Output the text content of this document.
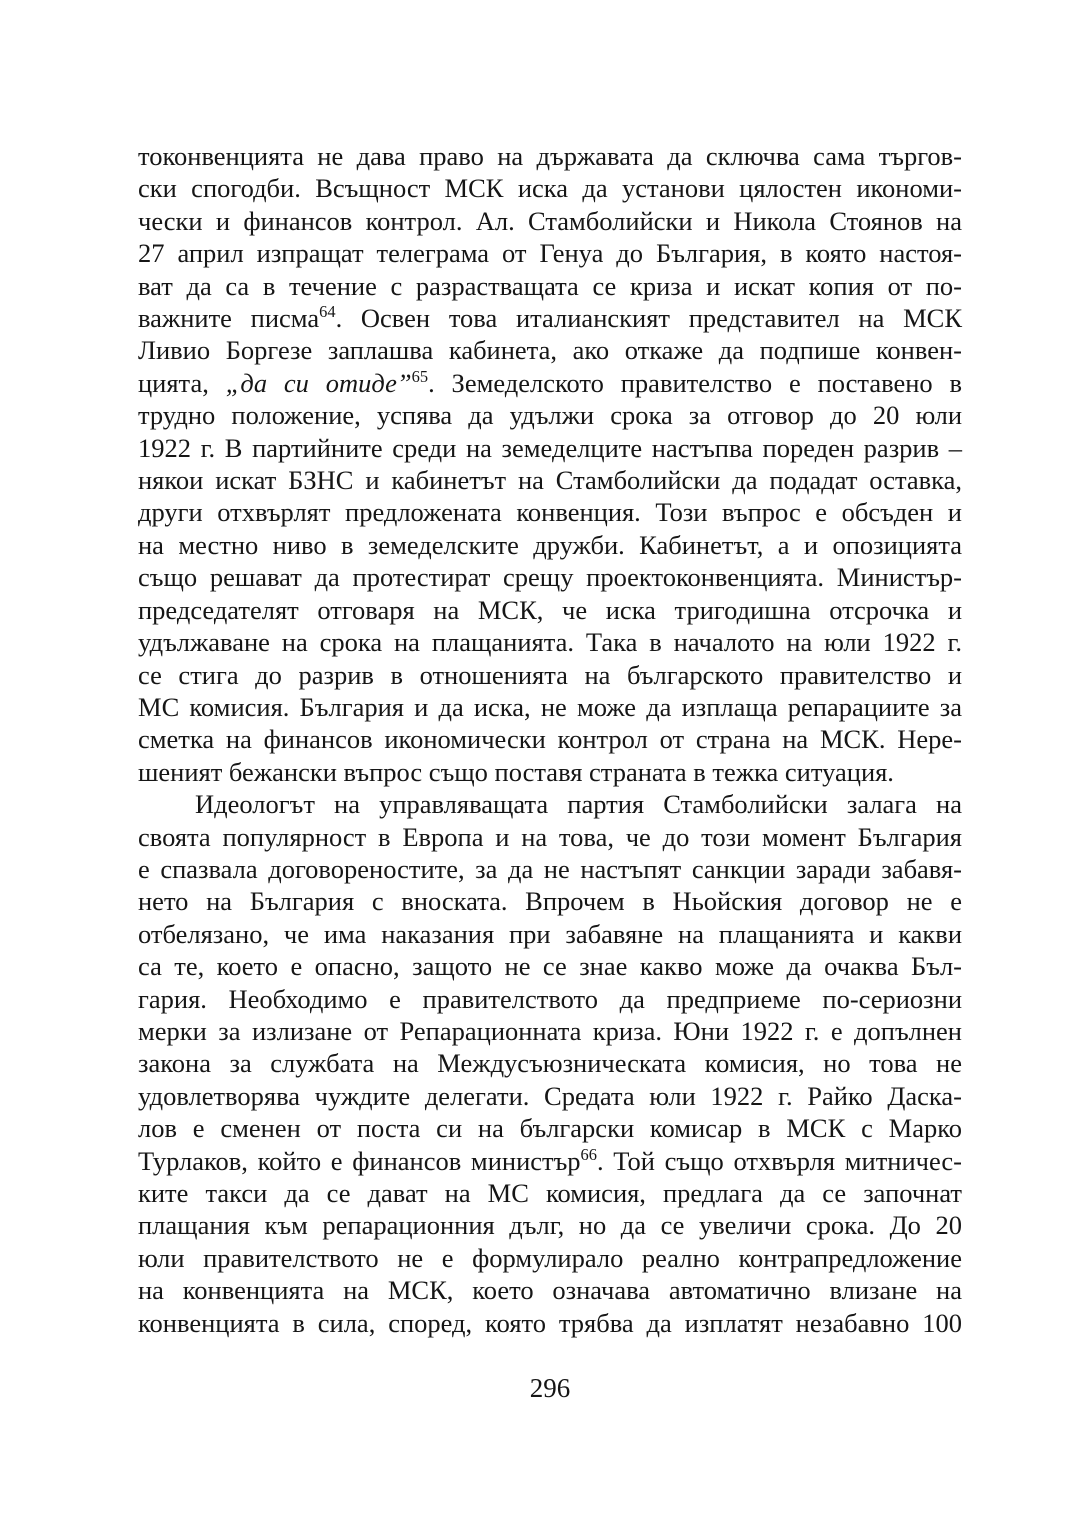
токонвенцията не дава право на държавата да сключва сама търгов-
ски спогодби. Всъщност МСК иска да установи цялостен икономи-
чески и финансов контрол. Ал. Стамболийски и Никола Стоянов на
27 април изпращат телеграма от Генуа до България, в която настоя-
ват да са в течение с разрастващата се криза и искат копия от по-
важните писма$^{64}$. Освен това италианският представител на МСК
Ливио Боргезе заплашва кабинета, ако откаже да подпише конвен-
цията, „да си отиде”$^{65}$. Земеделското правителство е поставено в
трудно положение, успява да удължи срока за отговор до 20 юли
1922 г. В партийните среди на земеделците настъпва пореден разрив –
някои искат БЗНС и кабинетът на Стамболийски да подадат оставка,
други отхвърлят предложената конвенция. Този въпрос е обсъден и
на местно ниво в земеделските дружби. Кабинетът, а и опозицията
също решават да протестират срещу проектоконвенцията. Министър-
председателят отговаря на МСК, че иска тригодишна отсрочка и
удължаване на срока на плащанията. Така в началото на юли 1922 г.
се стига до разрив в отношенията на българското правителство и
МС комисия. България и да иска, не може да изплаща репарациите за
сметка на финансов икономически контрол от страна на МСК. Нере-
шеният бежански въпрос също поставя страната в тежка ситуация.
Идеологът на управляващата партия Стамболийски залага на
своята популярност в Европа и на това, че до този момент България
е спазвала договореностите, за да не настъпят санкции заради забавя-
нето на България с вноската. Впрочем в Ньойския договор не е
отбелязано, че има наказания при забавяне на плащанията и какви
са те, което е опасно, защото не се знае какво може да очаква Бъл-
гария. Необходимо е правителството да предприеме по-сериозни
мерки за излизане от Репарационната криза. Юни 1922 г. е допълнен
закона за службата на Междусъюзническата комисия, но това не
удовлетворява чуждите делегати. Средата юли 1922 г. Райко Даска-
лов е сменен от поста си на български комисар в МСК с Марко
Турлаков, който е финансов министър$^{66}$. Той също отхвърля митничес-
ките такси да се дават на МС комисия, предлага да се започнат
плащания към репарационния дълг, но да се увеличи срока. До 20
юли правителството не е формулирало реално контрапредложение
на конвенцията на МСК, което означава автоматично влизане на
конвенцията в сила, според, която трябва да изплатят незабавно 100
296
